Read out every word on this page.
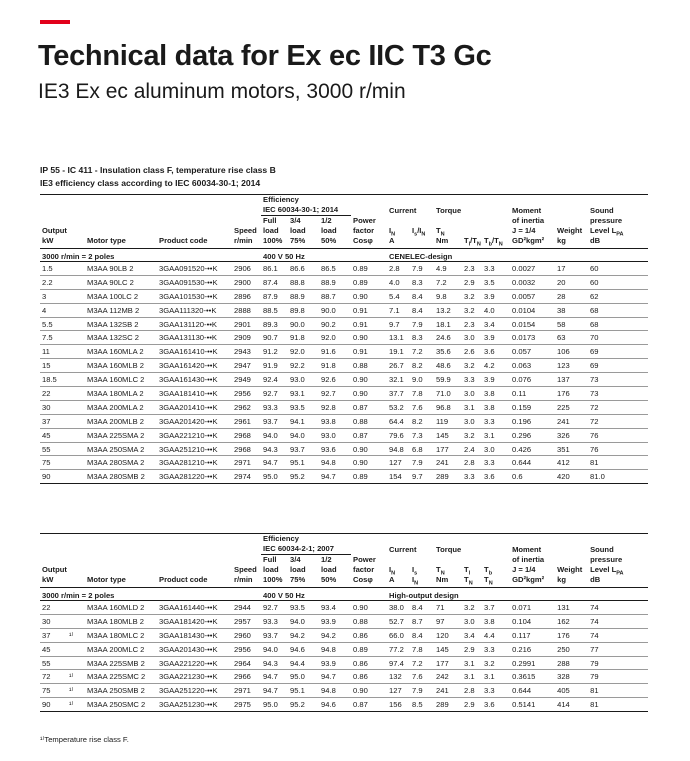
Technical data for Ex ec IIC T3 Gc
IE3 Ex ec aluminum motors, 3000 r/min
IP 55 - IC 411 - Insulation class F, temperature rise class B
IE3 efficiency class according to IEC 60034-30-1; 2014
				Efficiency											
				IEC 60034-30-1; 2014				Current		Torque			Moment		Sound
				Full	3/4	1/2	Power						of inertia		pressure
Output			Speed	load	load	load	factor	$I_N$	$I_s/I_N$	$T_N$			J = 1/4	Weight	Level $L_{PA}$
kW	Motor type	Product code	r/min	100%	75%	50%	Cosφ	A		Nm	$T_l/T_N$	$T_b/T_N$	GD²kgm²	kg	dB
3000 r/min = 2 poles				400 V 50 Hz				CENELEC-design							
1.5	M3AA 90LB 2	3GAA091520-••K	2906	86.1	86.6	86.5	0.89	2.8	7.9	4.9	2.3	3.3	0.0027	17	60
2.2	M3AA 90LC 2	3GAA091530-••K	2900	87.4	88.8	88.9	0.89	4.0	8.3	7.2	2.9	3.5	0.0032	20	60
3	M3AA 100LC 2	3GAA101530-••K	2896	87.9	88.9	88.7	0.90	5.4	8.4	9.8	3.2	3.9	0.0057	28	62
4	M3AA 112MB 2	3GAA111320-••K	2888	88.5	89.8	90.0	0.91	7.1	8.4	13.2	3.2	4.0	0.0104	38	68
5.5	M3AA 132SB 2	3GAA131120-••K	2901	89.3	90.0	90.2	0.91	9.7	7.9	18.1	2.3	3.4	0.0154	58	68
7.5	M3AA 132SC 2	3GAA131130-••K	2909	90.7	91.8	92.0	0.90	13.1	8.3	24.6	3.0	3.9	0.0173	63	70
11	M3AA 160MLA 2	3GAA161410-••K	2943	91.2	92.0	91.6	0.91	19.1	7.2	35.6	2.6	3.6	0.057	106	69
15	M3AA 160MLB 2	3GAA161420-••K	2947	91.9	92.2	91.8	0.88	26.7	8.2	48.6	3.2	4.2	0.063	123	69
18.5	M3AA 160MLC 2	3GAA161430-••K	2949	92.4	93.0	92.6	0.90	32.1	9.0	59.9	3.3	3.9	0.076	137	73
22	M3AA 180MLA 2	3GAA181410-••K	2956	92.7	93.1	92.7	0.90	37.7	7.8	71.0	3.0	3.8	0.11	176	73
30	M3AA 200MLA 2	3GAA201410-••K	2962	93.3	93.5	92.8	0.87	53.2	7.6	96.8	3.1	3.8	0.159	225	72
37	M3AA 200MLB 2	3GAA201420-••K	2961	93.7	94.1	93.8	0.88	64.4	8.2	119	3.0	3.3	0.196	241	72
45	M3AA 225SMA 2	3GAA221210-••K	2968	94.0	94.0	93.0	0.87	79.6	7.3	145	3.2	3.1	0.296	326	76
55	M3AA 250SMA 2	3GAA251210-••K	2968	94.3	93.7	93.6	0.90	94.8	6.8	177	2.4	3.0	0.426	351	76
75	M3AA 280SMA 2	3GAA281210-••K	2971	94.7	95.1	94.8	0.90	127	7.9	241	2.8	3.3	0.644	412	81
90	M3AA 280SMB 2	3GAA281220-••K	2974	95.0	95.2	94.7	0.89	154	9.7	289	3.3	3.6	0.6	420	81.0
					Efficiency											
					IEC 60034-2-1; 2007				Current		Torque			Moment		Sound
					Full	3/4	1/2	Power						of inertia		pressure
Output				Speed	load	load	load	factor	$I_N$	$I_s$	$T_N$	$T_l$	$T_b$	J = 1/4	Weight	Level $L_{PA}$
kW		Motor type	Product code	r/min	100%	75%	50%	Cosφ	A	$I_N$	Nm	$T_N$	$T_N$	GD²kgm²	kg	dB
3000 r/min = 2 poles					400 V 50 Hz				High-output design							
22		M3AA 160MLD 2	3GAA161440-••K	2944	92.7	93.5	93.4	0.90	38.0	8.4	71	3.2	3.7	0.071	131	74
30		M3AA 180MLB 2	3GAA181420-••K	2957	93.3	94.0	93.9	0.88	52.7	8.7	97	3.0	3.8	0.104	162	74
37	¹⁾	M3AA 180MLC 2	3GAA181430-••K	2960	93.7	94.2	94.2	0.86	66.0	8.4	120	3.4	4.4	0.117	176	74
45		M3AA 200MLC 2	3GAA201430-••K	2956	94.0	94.6	94.8	0.89	77.2	7.8	145	2.9	3.3	0.216	250	77
55		M3AA 225SMB 2	3GAA221220-••K	2964	94.3	94.4	93.9	0.86	97.4	7.2	177	3.1	3.2	0.2991	288	79
72	¹⁾	M3AA 225SMC 2	3GAA221230-••K	2966	94.7	95.0	94.7	0.86	132	7.6	242	3.1	3.1	0.3615	328	79
75	¹⁾	M3AA 250SMB 2	3GAA251220-••K	2971	94.7	95.1	94.8	0.90	127	7.9	241	2.8	3.3	0.644	405	81
90	¹⁾	M3AA 250SMC 2	3GAA251230-••K	2975	95.0	95.2	94.6	0.87	156	8.5	289	2.9	3.6	0.5141	414	81
¹⁾Temperature rise class F.
